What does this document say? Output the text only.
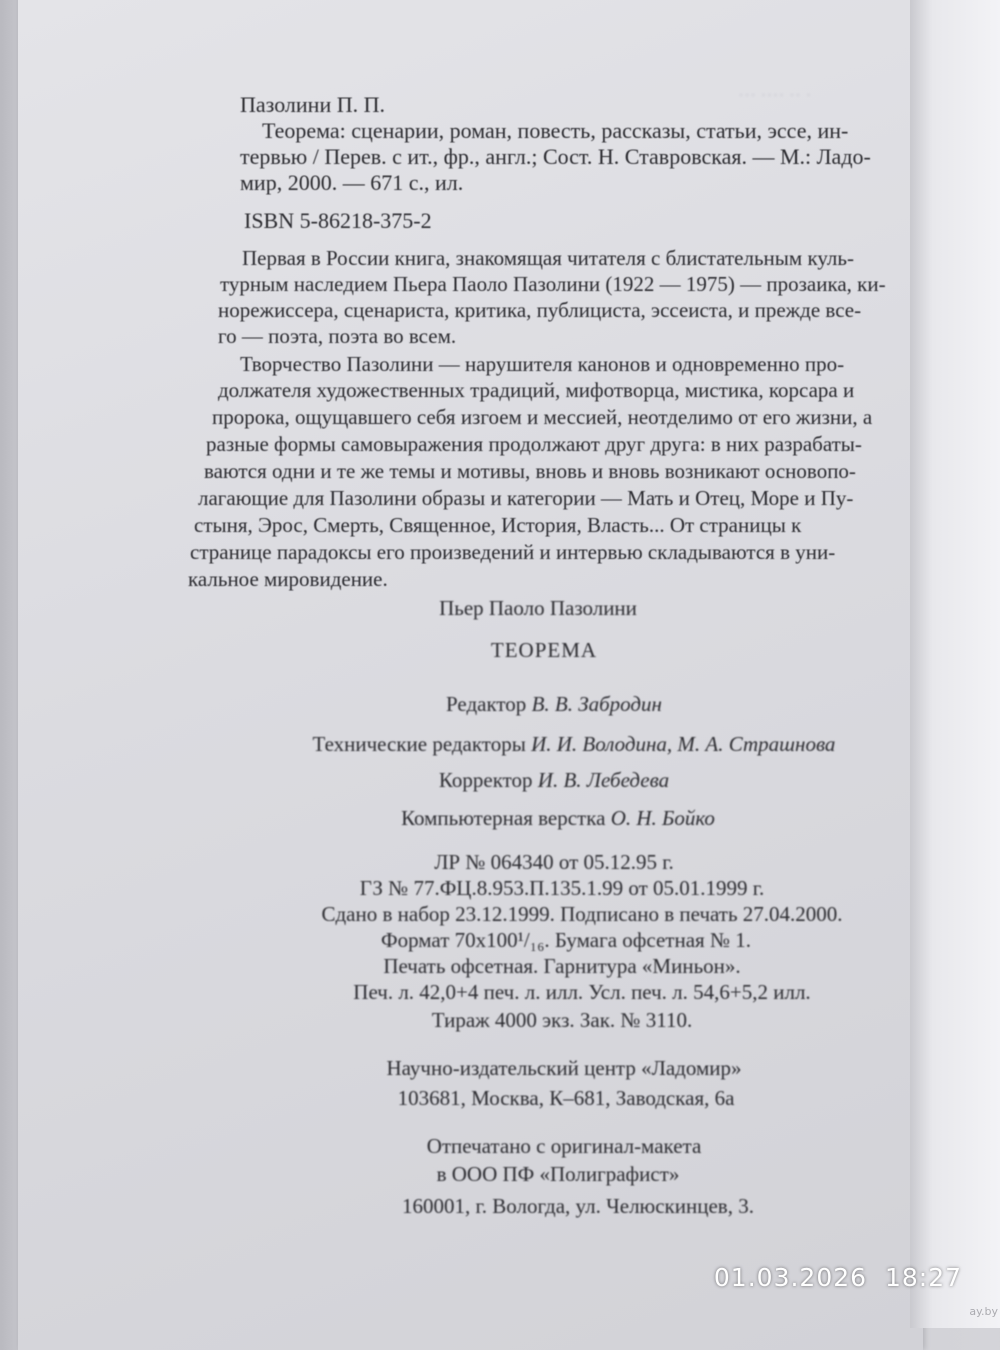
··· ···· ·· ·
Пазолини П. П.
Теорема: сценарии, роман, повесть, рассказы, статьи, эссе, ин-
тервью / Перев. с ит., фр., англ.; Сост. Н. Ставровская. — М.: Ладо-
мир, 2000. — 671 с., ил.
ISBN 5-86218-375-2
Первая в России книга, знакомящая читателя с блистательным куль-
турным наследием Пьера Паоло Пазолини (1922 — 1975) — прозаика, ки-
норежиссера, сценариста, критика, публициста, эссеиста, и прежде все-
го — поэта, поэта во всем.
Творчество Пазолини — нарушителя канонов и одновременно про-
должателя художественных традиций, мифотворца, мистика, корсара и
пророка, ощущавшего себя изгоем и мессией, неотделимо от его жизни, а
разные формы самовыражения продолжают друг друга: в них разрабаты-
ваются одни и те же темы и мотивы, вновь и вновь возникают основопо-
лагающие для Пазолини образы и категории — Мать и Отец, Море и Пу-
стыня, Эрос, Смерть, Священное, История, Власть... От страницы к
странице парадоксы его произведений и интервью складываются в уни-
кальное мировидение.
Пьер Паоло Пазолини
ТЕОРЕМА
Редактор В. В. Забродин
Технические редакторы И. И. Володина, М. А. Страшнова
Корректор И. В. Лебедева
Компьютерная верстка О. Н. Бойко
ЛР № 064340 от 05.12.95 г.
ГЗ № 77.ФЦ.8.953.П.135.1.99 от 05.01.1999 г.
Сдано в набор 23.12.1999. Подписано в печать 27.04.2000.
Формат 70х100¹/₁₆. Бумага офсетная № 1.
Печать офсетная. Гарнитура «Миньон».
Печ. л. 42,0+4 печ. л. илл. Усл. печ. л. 54,6+5,2 илл.
Тираж 4000 экз. Зак. № 3110.
Научно-издательский центр «Ладомир»
103681, Москва, К–681, Заводская, 6а
Отпечатано с оригинал-макета
в ООО ПФ «Полиграфист»
160001, г. Вологда, ул. Челюскинцев, 3.
01.03.2026 18:27
ay.by
